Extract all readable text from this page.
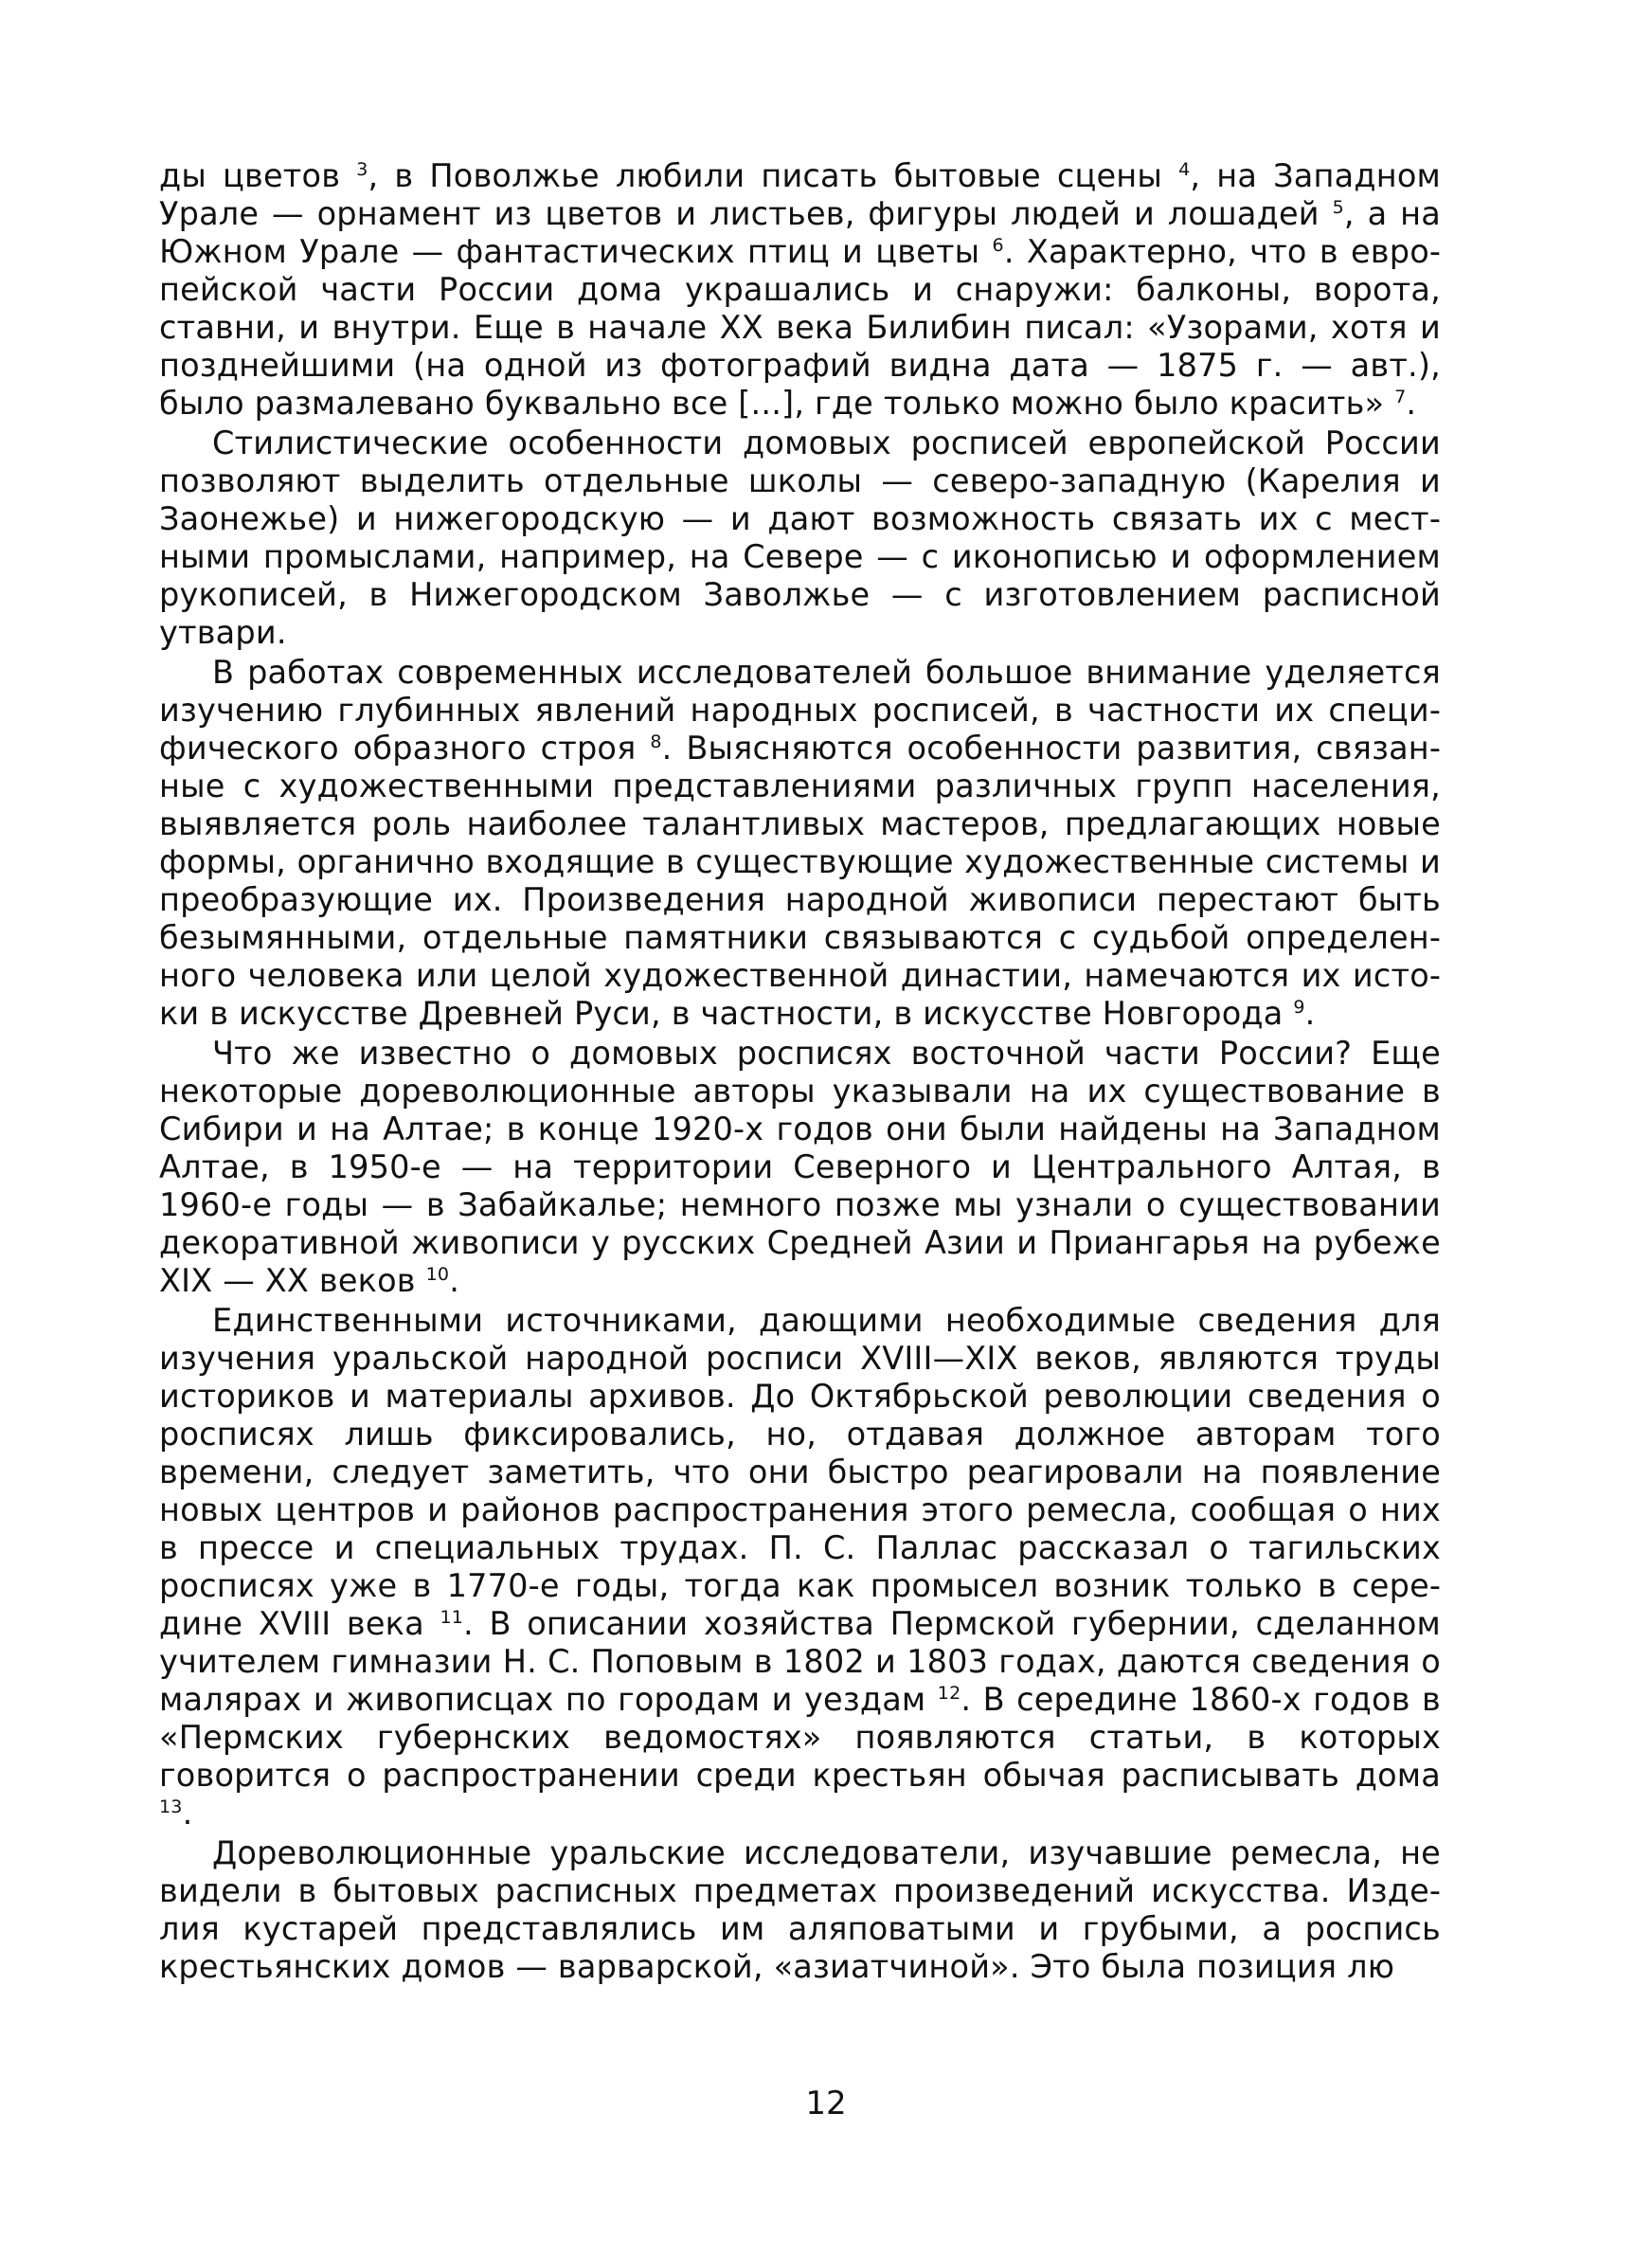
ды цветов $^3$, в Поволжье любили писать бытовые сцены $^4$, на Западном Урале — орнамент из цветов и листьев, фигуры людей и лошадей $^5$, а на Южном Урале — фантастических птиц и цветы $^6$. Характерно, что в европейской части России дома украшались и снаружи: балконы, ворота, ставни, и внутри. Еще в начале XX века Билибин писал: «Узорами, хотя и позднейшими (на одной из фотографий видна дата — 1875 г. — авт.), было размалевано буквально все [...], где только можно было красить» $^7$.

Стилистические особенности домовых росписей европейской России позволяют выделить отдельные школы — северо-западную (Карелия и Заонежье) и нижегородскую — и дают возможность связать их с местными промыслами, например, на Севере — с иконописью и оформлением рукописей, в Нижегородском Заволжье — с изготовлением расписной утвари.

В работах современных исследователей большое внимание уделяется изучению глубинных явлений народных росписей, в частности их специфического образного строя $^8$. Выясняются особенности развития, связанные с художественными представлениями различных групп населения, выявляется роль наиболее талантливых мастеров, предлагающих новые формы, органично входящие в существующие художественные системы и преобразующие их. Произведения народной живописи перестают быть безымянными, отдельные памятники связываются с судьбой определенного человека или целой художественной династии, намечаются их истоки в искусстве Древней Руси, в частности, в искусстве Новгорода $^9$.

Что же известно о домовых росписях восточной части России? Еще некоторые дореволюционные авторы указывали на их существование в Сибири и на Алтае; в конце 1920-х годов они были найдены на Западном Алтае, в 1950-е — на территории Северного и Центрального Алтая, в 1960-е годы — в Забайкалье; немного позже мы узнали о существовании декоративной живописи у русских Средней Азии и Приангарья на рубеже XIX — XX веков $^{10}$.

Единственными источниками, дающими необходимые сведения для изучения уральской народной росписи XVIII—XIX веков, являются труды историков и материалы архивов. До Октябрьской революции сведения о росписях лишь фиксировались, но, отдавая должное авторам того времени, следует заметить, что они быстро реагировали на появление новых центров и районов распространения этого ремесла, сообщая о них в прессе и специальных трудах. П. С. Паллас рассказал о тагильских росписях уже в 1770-е годы, тогда как промысел возник только в середине XVIII века $^{11}$. В описании хозяйства Пермской губернии, сделанном учителем гимназии Н. С. Поповым в 1802 и 1803 годах, даются сведения о малярах и живописцах по городам и уездам $^{12}$. В середине 1860-х годов в «Пермских губернских ведомостях» появляются статьи, в которых говорится о распространении среди крестьян обычая расписывать дома $^{13}$.

Дореволюционные уральские исследователи, изучавшие ремесла, не видели в бытовых расписных предметах произведений искусства. Изделия кустарей представлялись им аляповатыми и грубыми, а роспись крестьянских домов — варварской, «азиатчиной». Это была позиция лю

12
